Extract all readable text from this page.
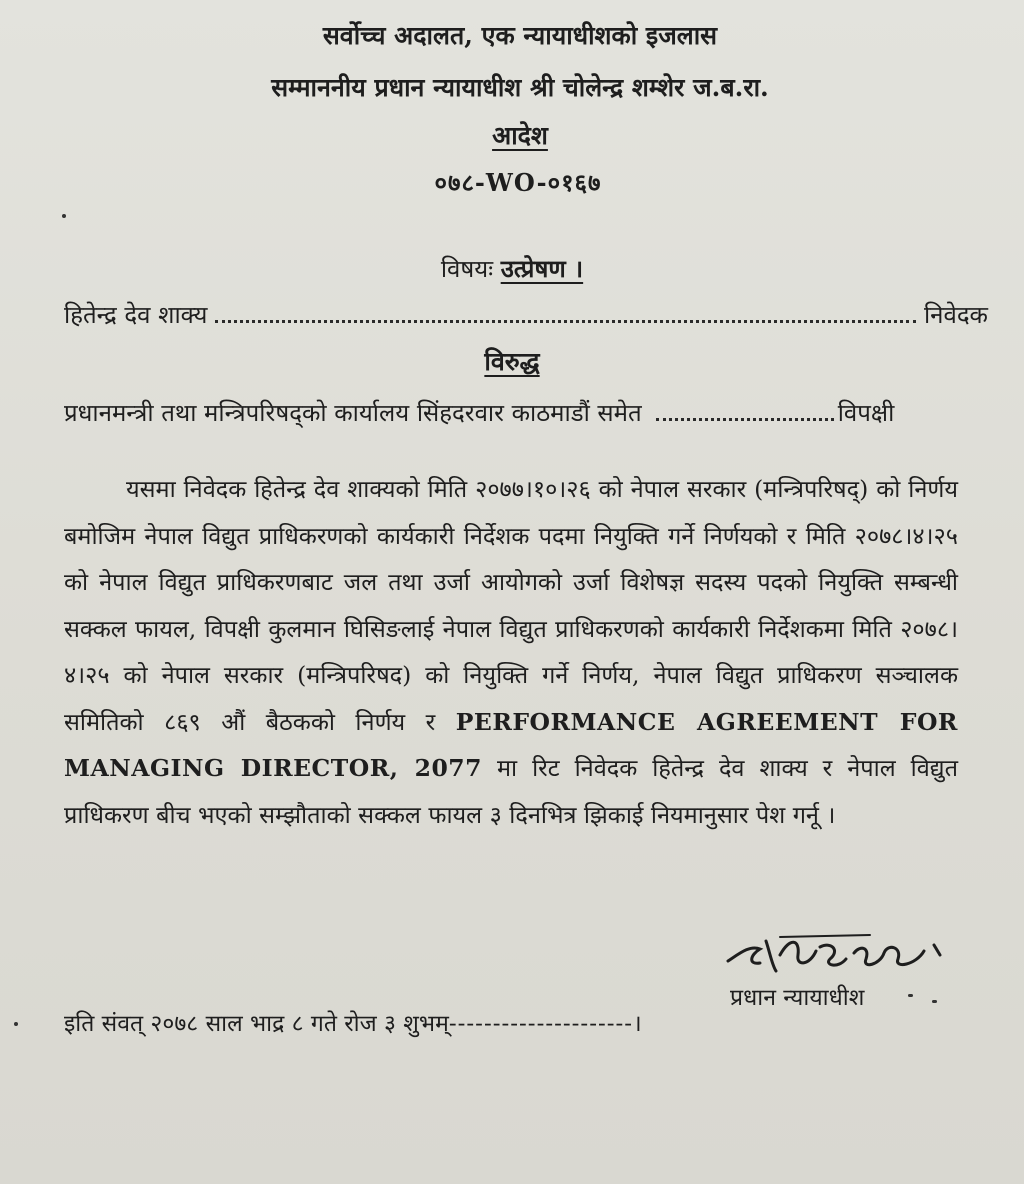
सर्वोच्च अदालत, एक न्यायाधीशको इजलास
सम्माननीय प्रधान न्यायाधीश श्री चोलेन्द्र शम्शेर ज.ब.रा.
आदेश
०७८-WO-०१६७
विषयः उत्प्रेषण ।
हितेन्द्र देव शाक्य	निवेदक
विरुद्ध
प्रधानमन्त्री तथा मन्त्रिपरिषद्को कार्यालय सिंहदरवार काठमाडौं समेत	विपक्षी
यसमा निवेदक हितेन्द्र देव शाक्यको मिति २०७७।१०।२६ को नेपाल सरकार (मन्त्रिपरिषद्) को निर्णय बमोजिम नेपाल विद्युत प्राधिकरणको कार्यकारी निर्देशक पदमा नियुक्ति गर्ने निर्णयको र मिति २०७८।४।२५ को नेपाल विद्युत प्राधिकरणबाट जल तथा उर्जा आयोगको उर्जा विशेषज्ञ सदस्य पदको नियुक्ति सम्बन्धी सक्कल फायल, विपक्षी कुलमान घिसिङलाई नेपाल विद्युत प्राधिकरणको कार्यकारी निर्देशकमा मिति २०७८।४।२५ को नेपाल सरकार (मन्त्रिपरिषद) को नियुक्ति गर्ने निर्णय, नेपाल विद्युत प्राधिकरण सञ्चालक समितिको ८६९ औं बैठकको निर्णय र PERFORMANCE AGREEMENT FOR MANAGING DIRECTOR, 2077 मा रिट निवेदक हितेन्द्र देव शाक्य र नेपाल विद्युत प्राधिकरण बीच भएको सम्झौताको सक्कल फायल ३ दिनभित्र झिकाई नियमानुसार पेश गर्नू ।
प्रधान न्यायाधीश
इति संवत् २०७८ साल भाद्र ८ गते रोज ३ शुभम्---------------------।
